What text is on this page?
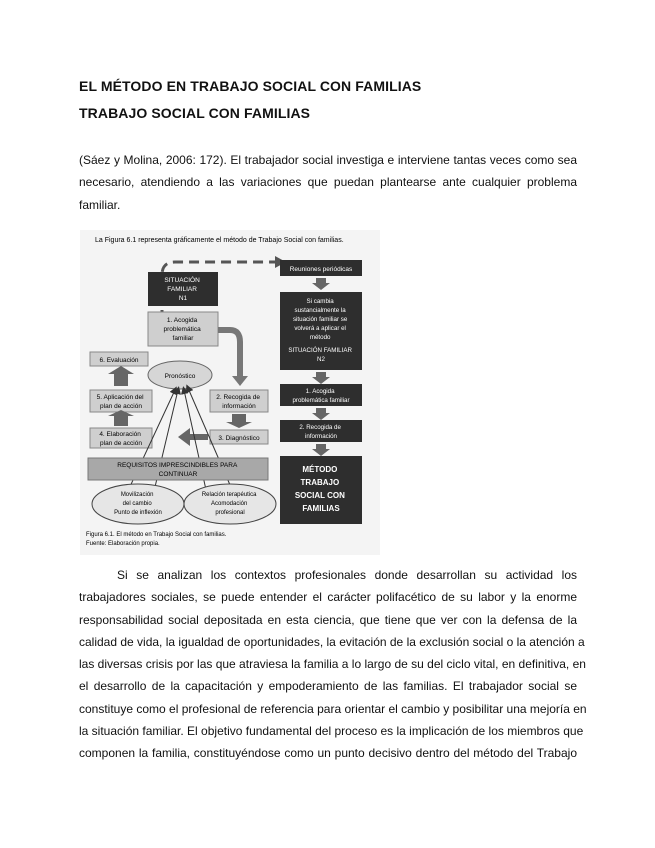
EL MÉTODO EN TRABAJO SOCIAL CON FAMILIAS
TRABAJO SOCIAL CON FAMILIAS

(Sáez y Molina, 2006: 172). El trabajador social investiga e interviene tantas veces como sea
necesario, atendiendo a las variaciones que puedan plantearse ante cualquier problema
familiar.

La Figura 6.1 representa gráficamente el método de Trabajo Social con familias.
SITUACIÓN FAMILIAR N1
1. Acogida problemática familiar
6. Evaluación
Pronóstico
5. Aplicación del plan de acción
2. Recogida de información
4. Elaboración plan de acción
3. Diagnóstico
REQUISITOS IMPRESCINDIBLES PARA CONTINUAR
Movilización del cambio Punto de inflexión
Relación terapéutica Acomodación profesional
Reuniones periódicas
Si cambia sustancialmente la situación familiar se volverá a aplicar el método SITUACIÓN FAMILIAR N2
1. Acogida problemática familiar
2. Recogida de información
MÉTODO TRABAJO SOCIAL CON FAMILIAS
Figura 6.1. El método en Trabajo Social con familias.
Fuente: Elaboración propia.

Si se analizan los contextos profesionales donde desarrollan su actividad los
trabajadores sociales, se puede entender el carácter polifacético de su labor y la enorme
responsabilidad social depositada en esta ciencia, que tiene que ver con la defensa de la
calidad de vida, la igualdad de oportunidades, la evitación de la exclusión social o la atención a
las diversas crisis por las que atraviesa la familia a lo largo de su del ciclo vital, en definitiva, en
el desarrollo de la capacitación y empoderamiento de las familias. El trabajador social se
constituye como el profesional de referencia para orientar el cambio y posibilitar una mejoría en
la situación familiar. El objetivo fundamental del proceso es la implicación de los miembros que
componen la familia, constituyéndose como un punto decisivo dentro del método del Trabajo
